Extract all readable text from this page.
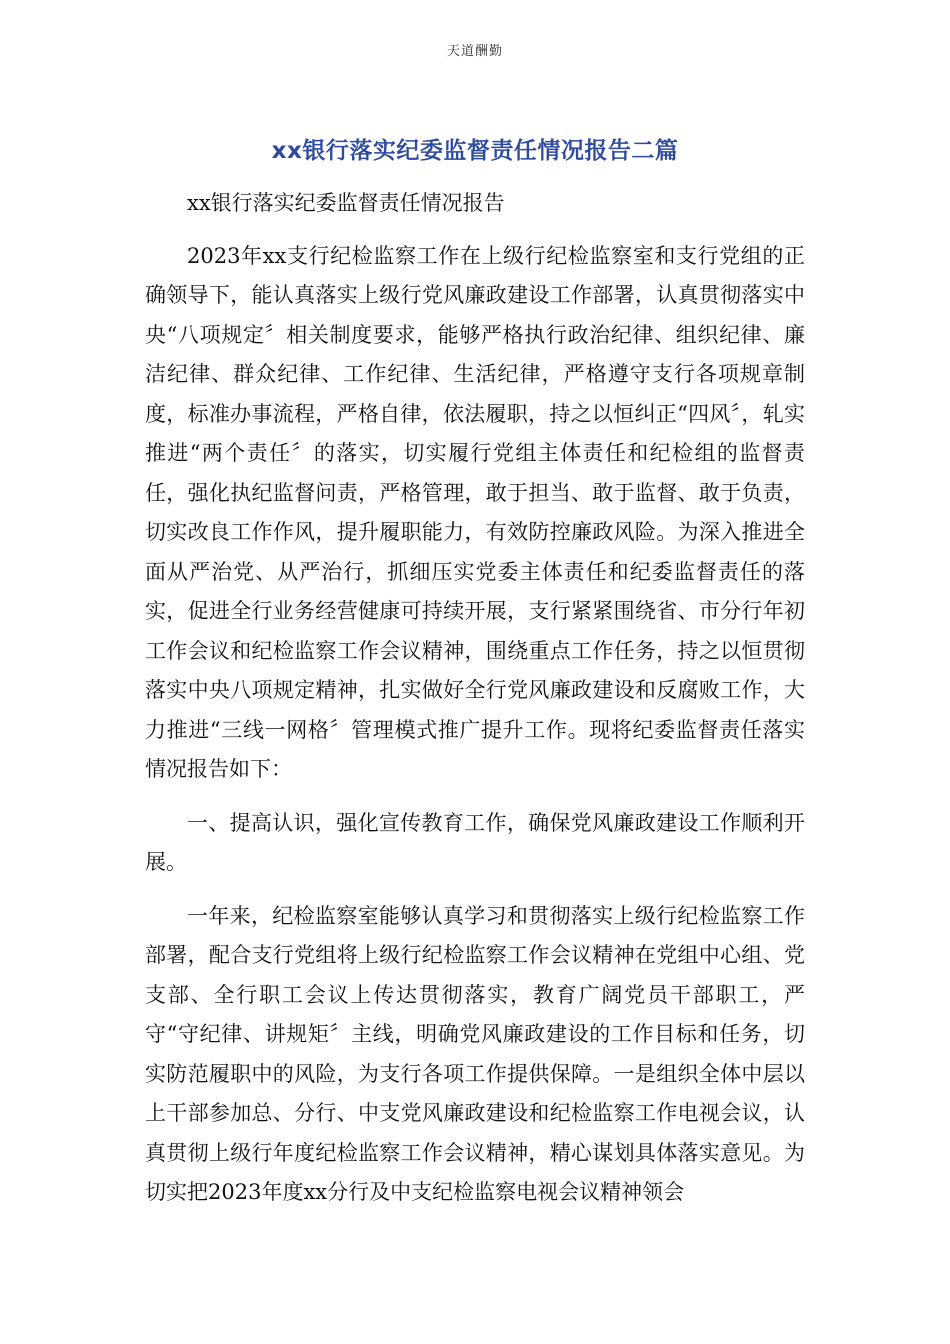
天道酬勤
xx银行落实纪委监督责任情况报告二篇

xx银行落实纪委监督责任情况报告

2023年xx支行纪检监察工作在上级行纪检监察室和支行党组的正确领导下，能认真落实上级行党风廉政建设工作部署，认真贯彻落实中央“八项规定〞相关制度要求，能够严格执行政治纪律、组织纪律、廉洁纪律、群众纪律、工作纪律、生活纪律，严格遵守支行各项规章制度，标准办事流程，严格自律，依法履职，持之以恒纠正“四风〞，轧实推进“两个责任〞的落实，切实履行党组主体责任和纪检组的监督责任，强化执纪监督问责，严格管理，敢于担当、敢于监督、敢于负责，切实改良工作作风，提升履职能力，有效防控廉政风险。为深入推进全面从严治党、从严治行，抓细压实党委主体责任和纪委监督责任的落实，促进全行业务经营健康可持续开展，支行紧紧围绕省、市分行年初工作会议和纪检监察工作会议精神，围绕重点工作任务，持之以恒贯彻落实中央八项规定精神，扎实做好全行党风廉政建设和反腐败工作，大力推进“三线一网格〞管理模式推广提升工作。现将纪委监督责任落实情况报告如下：

一、提高认识，强化宣传教育工作，确保党风廉政建设工作顺利开展。

一年来，纪检监察室能够认真学习和贯彻落实上级行纪检监察工作部署，配合支行党组将上级行纪检监察工作会议精神在党组中心组、党支部、全行职工会议上传达贯彻落实，教育广阔党员干部职工，严守“守纪律、讲规矩〞主线，明确党风廉政建设的工作目标和任务，切实防范履职中的风险，为支行各项工作提供保障。一是组织全体中层以上干部参加总、分行、中支党风廉政建设和纪检监察工作电视会议，认真贯彻上级行年度纪检监察工作会议精神，精心谋划具体落实意见。为切实把2023年度xx分行及中支纪检监察电视会议精神领会
